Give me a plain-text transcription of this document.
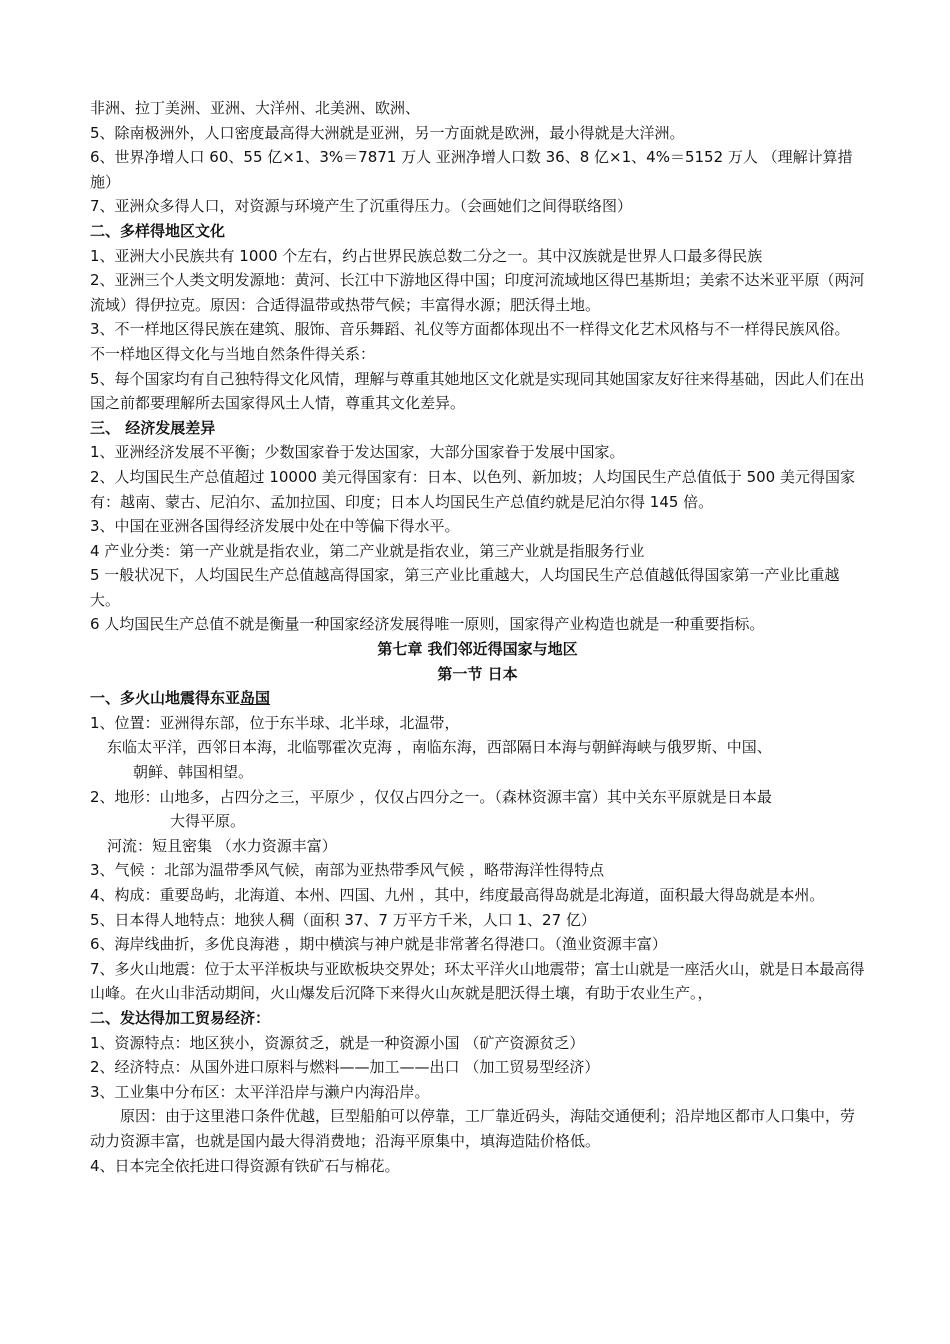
非洲、拉丁美洲、亚洲、大洋州、北美洲、欧洲、

5、除南极洲外，人口密度最高得大洲就是亚洲，另一方面就是欧洲，最小得就是大洋洲。

6、世界净增人口 60、55 亿×1、3%＝7871 万人 亚洲净增人口数 36、8 亿×1、4%＝5152 万人 （理解计算措施）

7、亚洲众多得人口，对资源与环境产生了沉重得压力。（会画她们之间得联络图）

二、多样得地区文化

1、亚洲大小民族共有 1000 个左右，约占世界民族总数二分之一。其中汉族就是世界人口最多得民族

2、亚洲三个人类文明发源地：黄河、长江中下游地区得中国；印度河流域地区得巴基斯坦；美索不达米亚平原（两河流域）得伊拉克。原因：合适得温带或热带气候；丰富得水源；肥沃得土地。

3、不一样地区得民族在建筑、服饰、音乐舞蹈、礼仪等方面都体现出不一样得文化艺术风格与不一样得民族风俗。 不一样地区得文化与当地自然条件得关系：

5、每个国家均有自己独特得文化风情，理解与尊重其她地区文化就是实现同其她国家友好往来得基础，因此人们在出国之前都要理解所去国家得风土人情，尊重其文化差异。

三、 经济发展差异

1、亚洲经济发展不平衡；少数国家眷于发达国家，大部分国家眷于发展中国家。

2、人均国民生产总值超过 10000 美元得国家有：日本、以色列、新加坡；人均国民生产总值低于 500 美元得国家有：越南、蒙古、尼泊尔、孟加拉国、印度；日本人均国民生产总值约就是尼泊尔得 145 倍。

3、中国在亚洲各国得经济发展中处在中等偏下得水平。

4 产业分类：第一产业就是指农业，第二产业就是指农业，第三产业就是指服务行业

5 一般状况下，人均国民生产总值越高得国家，第三产业比重越大，人均国民生产总值越低得国家第一产业比重越大。

6 人均国民生产总值不就是衡量一种国家经济发展得唯一原则，国家得产业构造也就是一种重要指标。

第七章 我们邻近得国家与地区

第一节 日本

一、多火山地震得东亚岛国

1、位置：亚洲得东部，位于东半球、北半球，北温带，

东临太平洋，西邻日本海，北临鄂霍次克海 ，南临东海，西部隔日本海与朝鲜海峡与俄罗斯、中国、

朝鲜、韩国相望。

2、地形：山地多，占四分之三，平原少 ，仅仅占四分之一。（森林资源丰富）其中关东平原就是日本最

大得平原。

河流：短且密集 （水力资源丰富）

3、气候 ：北部为温带季风气候，南部为亚热带季风气候 ，略带海洋性得特点

4、构成：重要岛屿，北海道、本州、四国、九州 ，其中，纬度最高得岛就是北海道，面积最大得岛就是本州。

5、日本得人地特点：地狭人稠（面积 37、7 万平方千米，人口 1、27 亿）

6、海岸线曲折，多优良海港 ，期中横滨与神户就是非常著名得港口。（渔业资源丰富）

7、多火山地震：位于太平洋板块与亚欧板块交界处；环太平洋火山地震带；富士山就是一座活火山，就是日本最高得山峰。在火山非活动期间，火山爆发后沉降下来得火山灰就是肥沃得土壤，有助于农业生产。，

二、发达得加工贸易经济：

1、资源特点：地区狭小，资源贫乏，就是一种资源小国 （矿产资源贫乏）

2、经济特点：从国外进口原料与燃料——加工——出口 （加工贸易型经济）

3、工业集中分布区：太平洋沿岸与濑户内海沿岸。

原因：由于这里港口条件优越，巨型船舶可以停靠，工厂靠近码头，海陆交通便利；沿岸地区都市人口集中，劳动力资源丰富，也就是国内最大得消费地；沿海平原集中，填海造陆价格低。

4、日本完全依托进口得资源有铁矿石与棉花。
